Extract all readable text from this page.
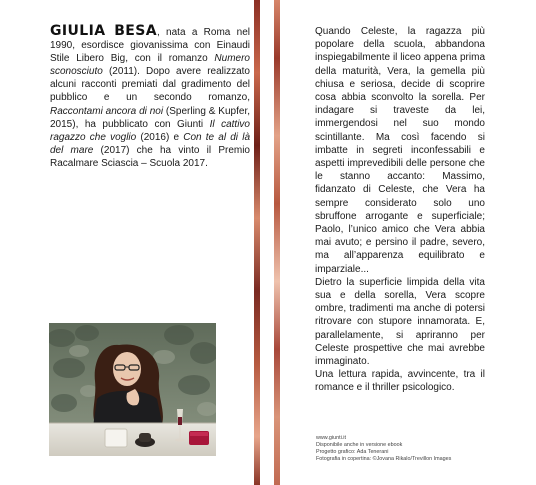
GIULIA BESA, nata a Roma nel 1990, esordisce giovanissima con Einaudi Stile Libero Big, con il romanzo Numero sconosciuto (2011). Dopo avere realizzato alcuni racconti premiati dal gradimento del pubblico e un secondo romanzo, Raccontami ancora di noi (Sperling & Kupfer, 2015), ha pubblicato con Giunti Il cattivo ragazzo che voglio (2016) e Con te al di là del mare (2017) che ha vinto il Premio Racalmare Sciascia – Scuola 2017.

Quando Celeste, la ragazza più popolare della scuola, abbandona inspiegabilmente il liceo appena prima della maturità, Vera, la gemella più chiusa e seriosa, decide di scoprire cosa abbia sconvolto la sorella. Per indagare si traveste da lei, immergendosi nel suo mondo scintillante. Ma così facendo si imbatte in segreti inconfessabili e aspetti imprevedibili delle persone che le stanno accanto: Massimo, fidanzato di Celeste, che Vera ha sempre considerato solo uno sbruffone arrogante e superficiale; Paolo, l’unico amico che Vera abbia mai avuto; e persino il padre, severo, ma all’apparenza equilibrato e imparziale...

Dietro la superficie limpida della vita sua e della sorella, Vera scopre ombre, tradimenti ma anche di potersi ritrovare con stupore innamorata. E, parallelamente, si apriranno per Celeste prospettive che mai avrebbe immaginato.

Una lettura rapida, avvincente, tra il romance e il thriller psicologico.

www.giunti.it
Disponibile anche in versione ebook
Progetto grafico: Ada Tenerani
Fotografia in copertina: ©Jovana Rikalo/Trevillon Images
